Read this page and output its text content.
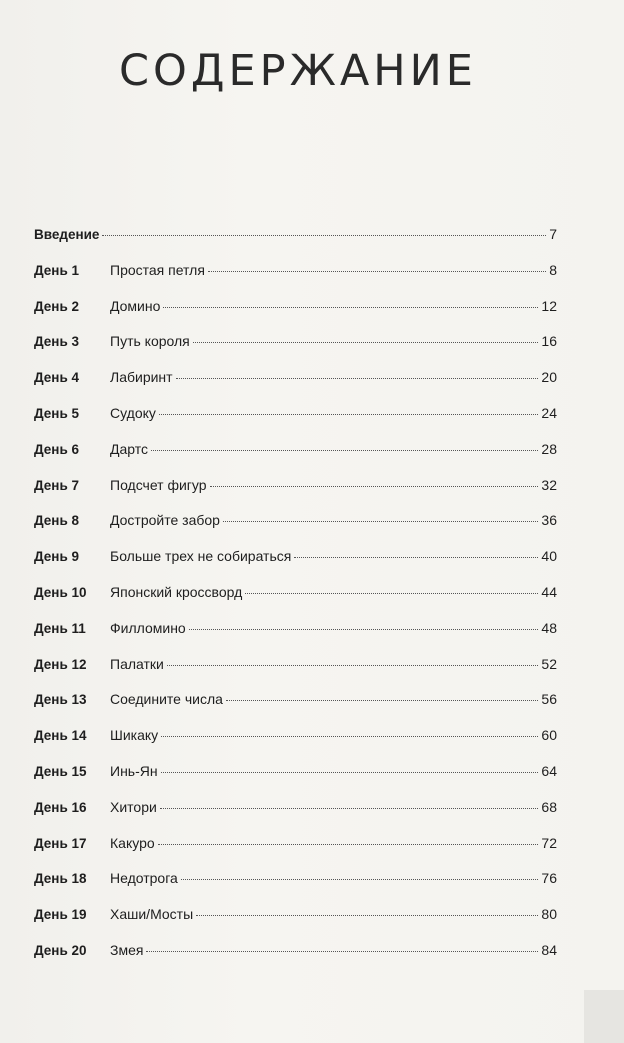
СОДЕРЖАНИЕ
Введение	7
День 1	Простая петля	8
День 2	Домино	12
День 3	Путь короля	16
День 4	Лабиринт	20
День 5	Судоку	24
День 6	Дартс	28
День 7	Подсчет фигур	32
День 8	Достройте забор	36
День 9	Больше трех не собираться	40
День 10	Японский кроссворд	44
День 11	Филломино	48
День 12	Палатки	52
День 13	Соедините числа	56
День 14	Шикаку	60
День 15	Инь-Ян	64
День 16	Хитори	68
День 17	Какуро	72
День 18	Недотрога	76
День 19	Хаши/Мосты	80
День 20	Змея	84
